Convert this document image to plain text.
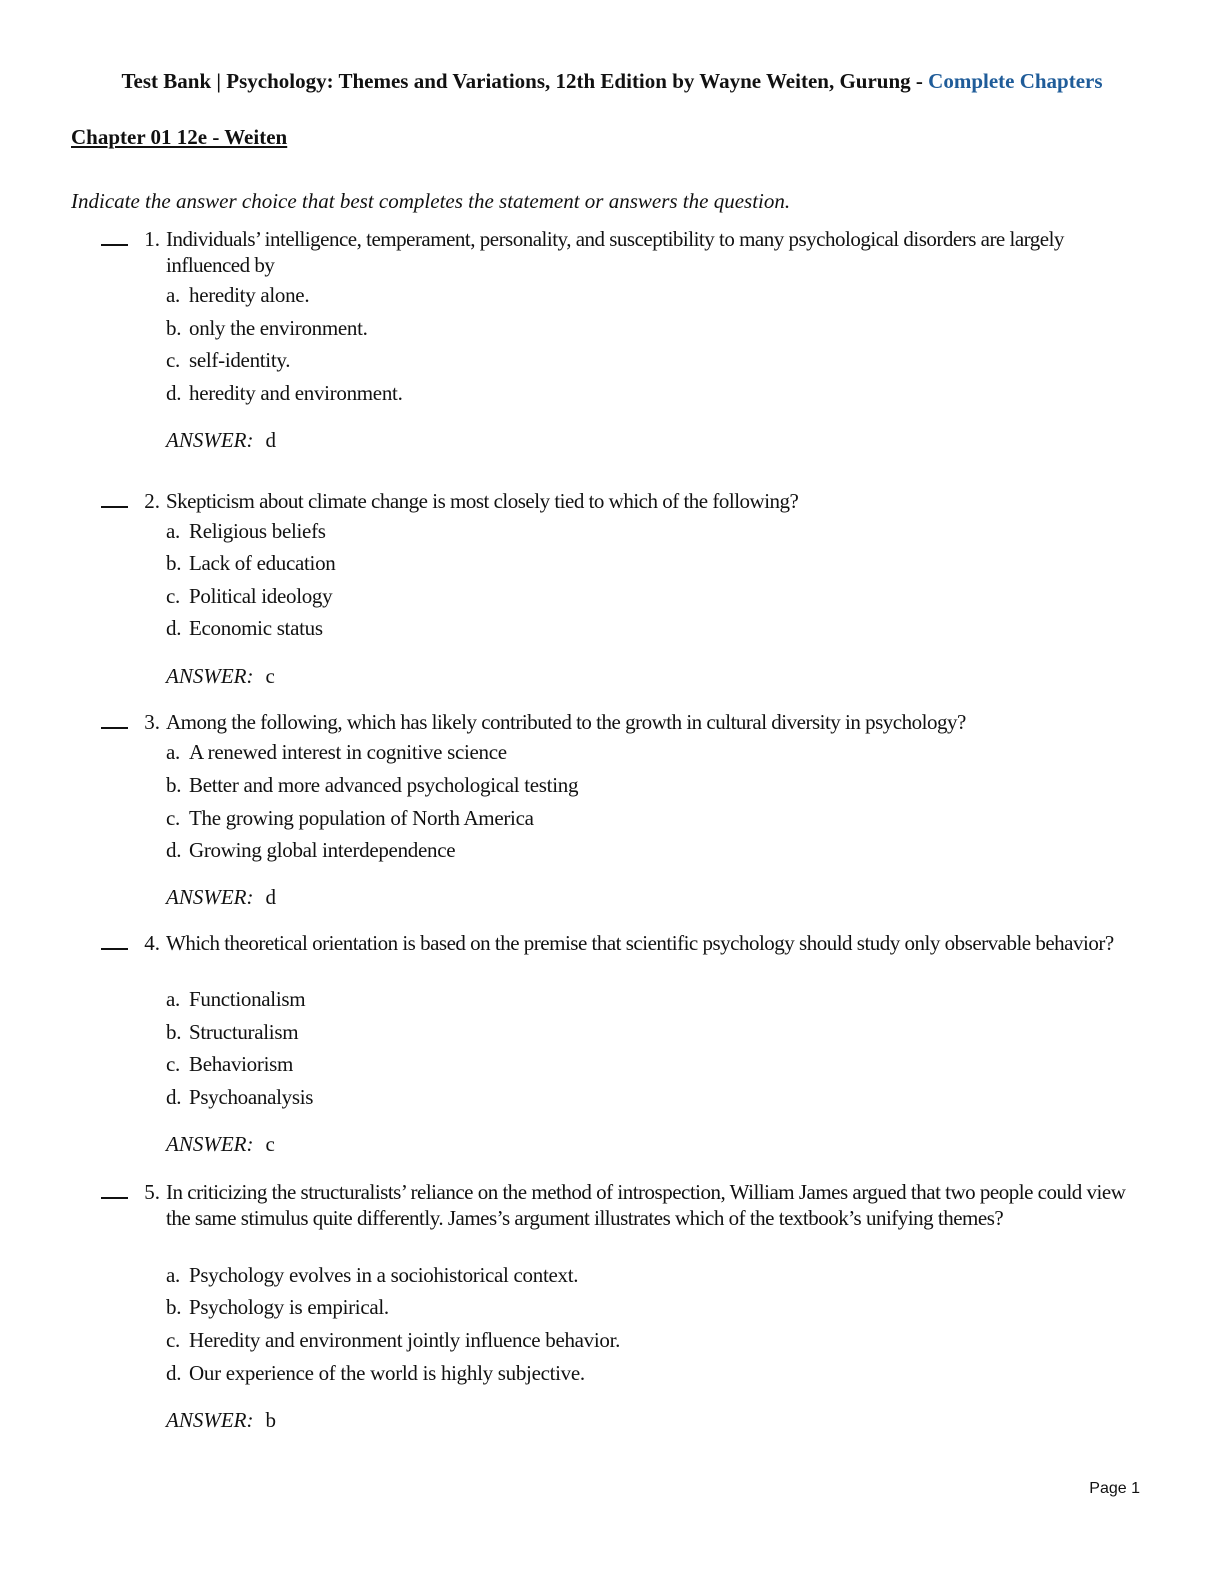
Test Bank | Psychology: Themes and Variations, 12th Edition by Wayne Weiten, Gurung - Complete Chapters
Chapter 01 12e - Weiten
Indicate the answer choice that best completes the statement or answers the question.
1. Individuals’ intelligence, temperament, personality, and susceptibility to many psychological disorders are largely influenced by
a. heredity alone.
b. only the environment.
c. self-identity.
d. heredity and environment.
ANSWER: d
2. Skepticism about climate change is most closely tied to which of the following?
a. Religious beliefs
b. Lack of education
c. Political ideology
d. Economic status
ANSWER: c
3. Among the following, which has likely contributed to the growth in cultural diversity in psychology?
a. A renewed interest in cognitive science
b. Better and more advanced psychological testing
c. The growing population of North America
d. Growing global interdependence
ANSWER: d
4. Which theoretical orientation is based on the premise that scientific psychology should study only observable behavior?
a. Functionalism
b. Structuralism
c. Behaviorism
d. Psychoanalysis
ANSWER: c
5. In criticizing the structuralists’ reliance on the method of introspection, William James argued that two people could view the same stimulus quite differently. James’s argument illustrates which of the textbook’s unifying themes?
a. Psychology evolves in a sociohistorical context.
b. Psychology is empirical.
c. Heredity and environment jointly influence behavior.
d. Our experience of the world is highly subjective.
ANSWER: b
Page 1
